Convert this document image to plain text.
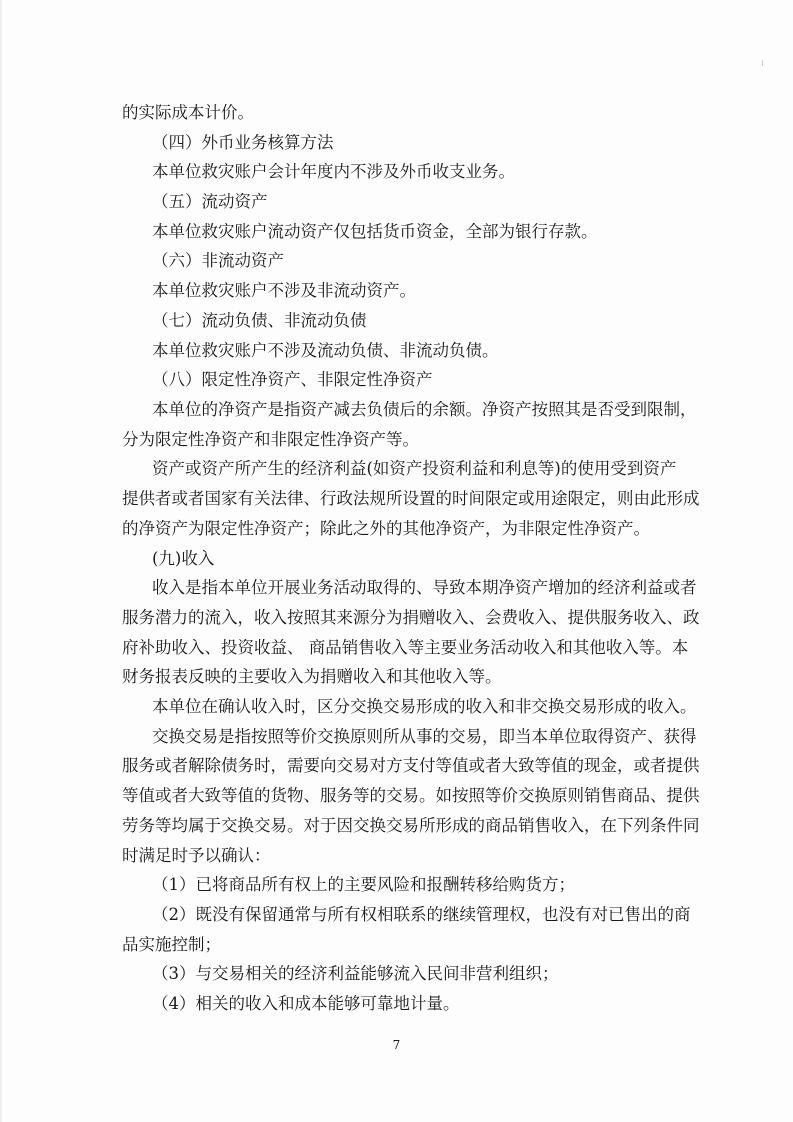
的实际成本计价。
（四）外币业务核算方法
本单位救灾账户会计年度内不涉及外币收支业务。
（五）流动资产
本单位救灾账户流动资产仅包括货币资金，全部为银行存款。
（六）非流动资产
本单位救灾账户不涉及非流动资产。
（七）流动负债、非流动负债
本单位救灾账户不涉及流动负债、非流动负债。
（八）限定性净资产、非限定性净资产
本单位的净资产是指资产减去负债后的余额。净资产按照其是否受到限制，
分为限定性净资产和非限定性净资产等。
资产或资产所产生的经济利益(如资产投资利益和利息等)的使用受到资产
提供者或者国家有关法律、行政法规所设置的时间限定或用途限定，则由此形成
的净资产为限定性净资产；除此之外的其他净资产，为非限定性净资产。
(九)收入
收入是指本单位开展业务活动取得的、导致本期净资产增加的经济利益或者
服务潜力的流入，收入按照其来源分为捐赠收入、会费收入、提供服务收入、政
府补助收入、投资收益、 商品销售收入等主要业务活动收入和其他收入等。本
财务报表反映的主要收入为捐赠收入和其他收入等。
本单位在确认收入时，区分交换交易形成的收入和非交换交易形成的收入。
交换交易是指按照等价交换原则所从事的交易，即当本单位取得资产、获得
服务或者解除债务时，需要向交易对方支付等值或者大致等值的现金，或者提供
等值或者大致等值的货物、服务等的交易。如按照等价交换原则销售商品、提供
劳务等均属于交换交易。对于因交换交易所形成的商品销售收入，在下列条件同
时满足时予以确认：
（1）已将商品所有权上的主要风险和报酬转移给购货方；
（2）既没有保留通常与所有权相联系的继续管理权，也没有对已售出的商
品实施控制；
（3）与交易相关的经济利益能够流入民间非营利组织；
（4）相关的收入和成本能够可靠地计量。
7
